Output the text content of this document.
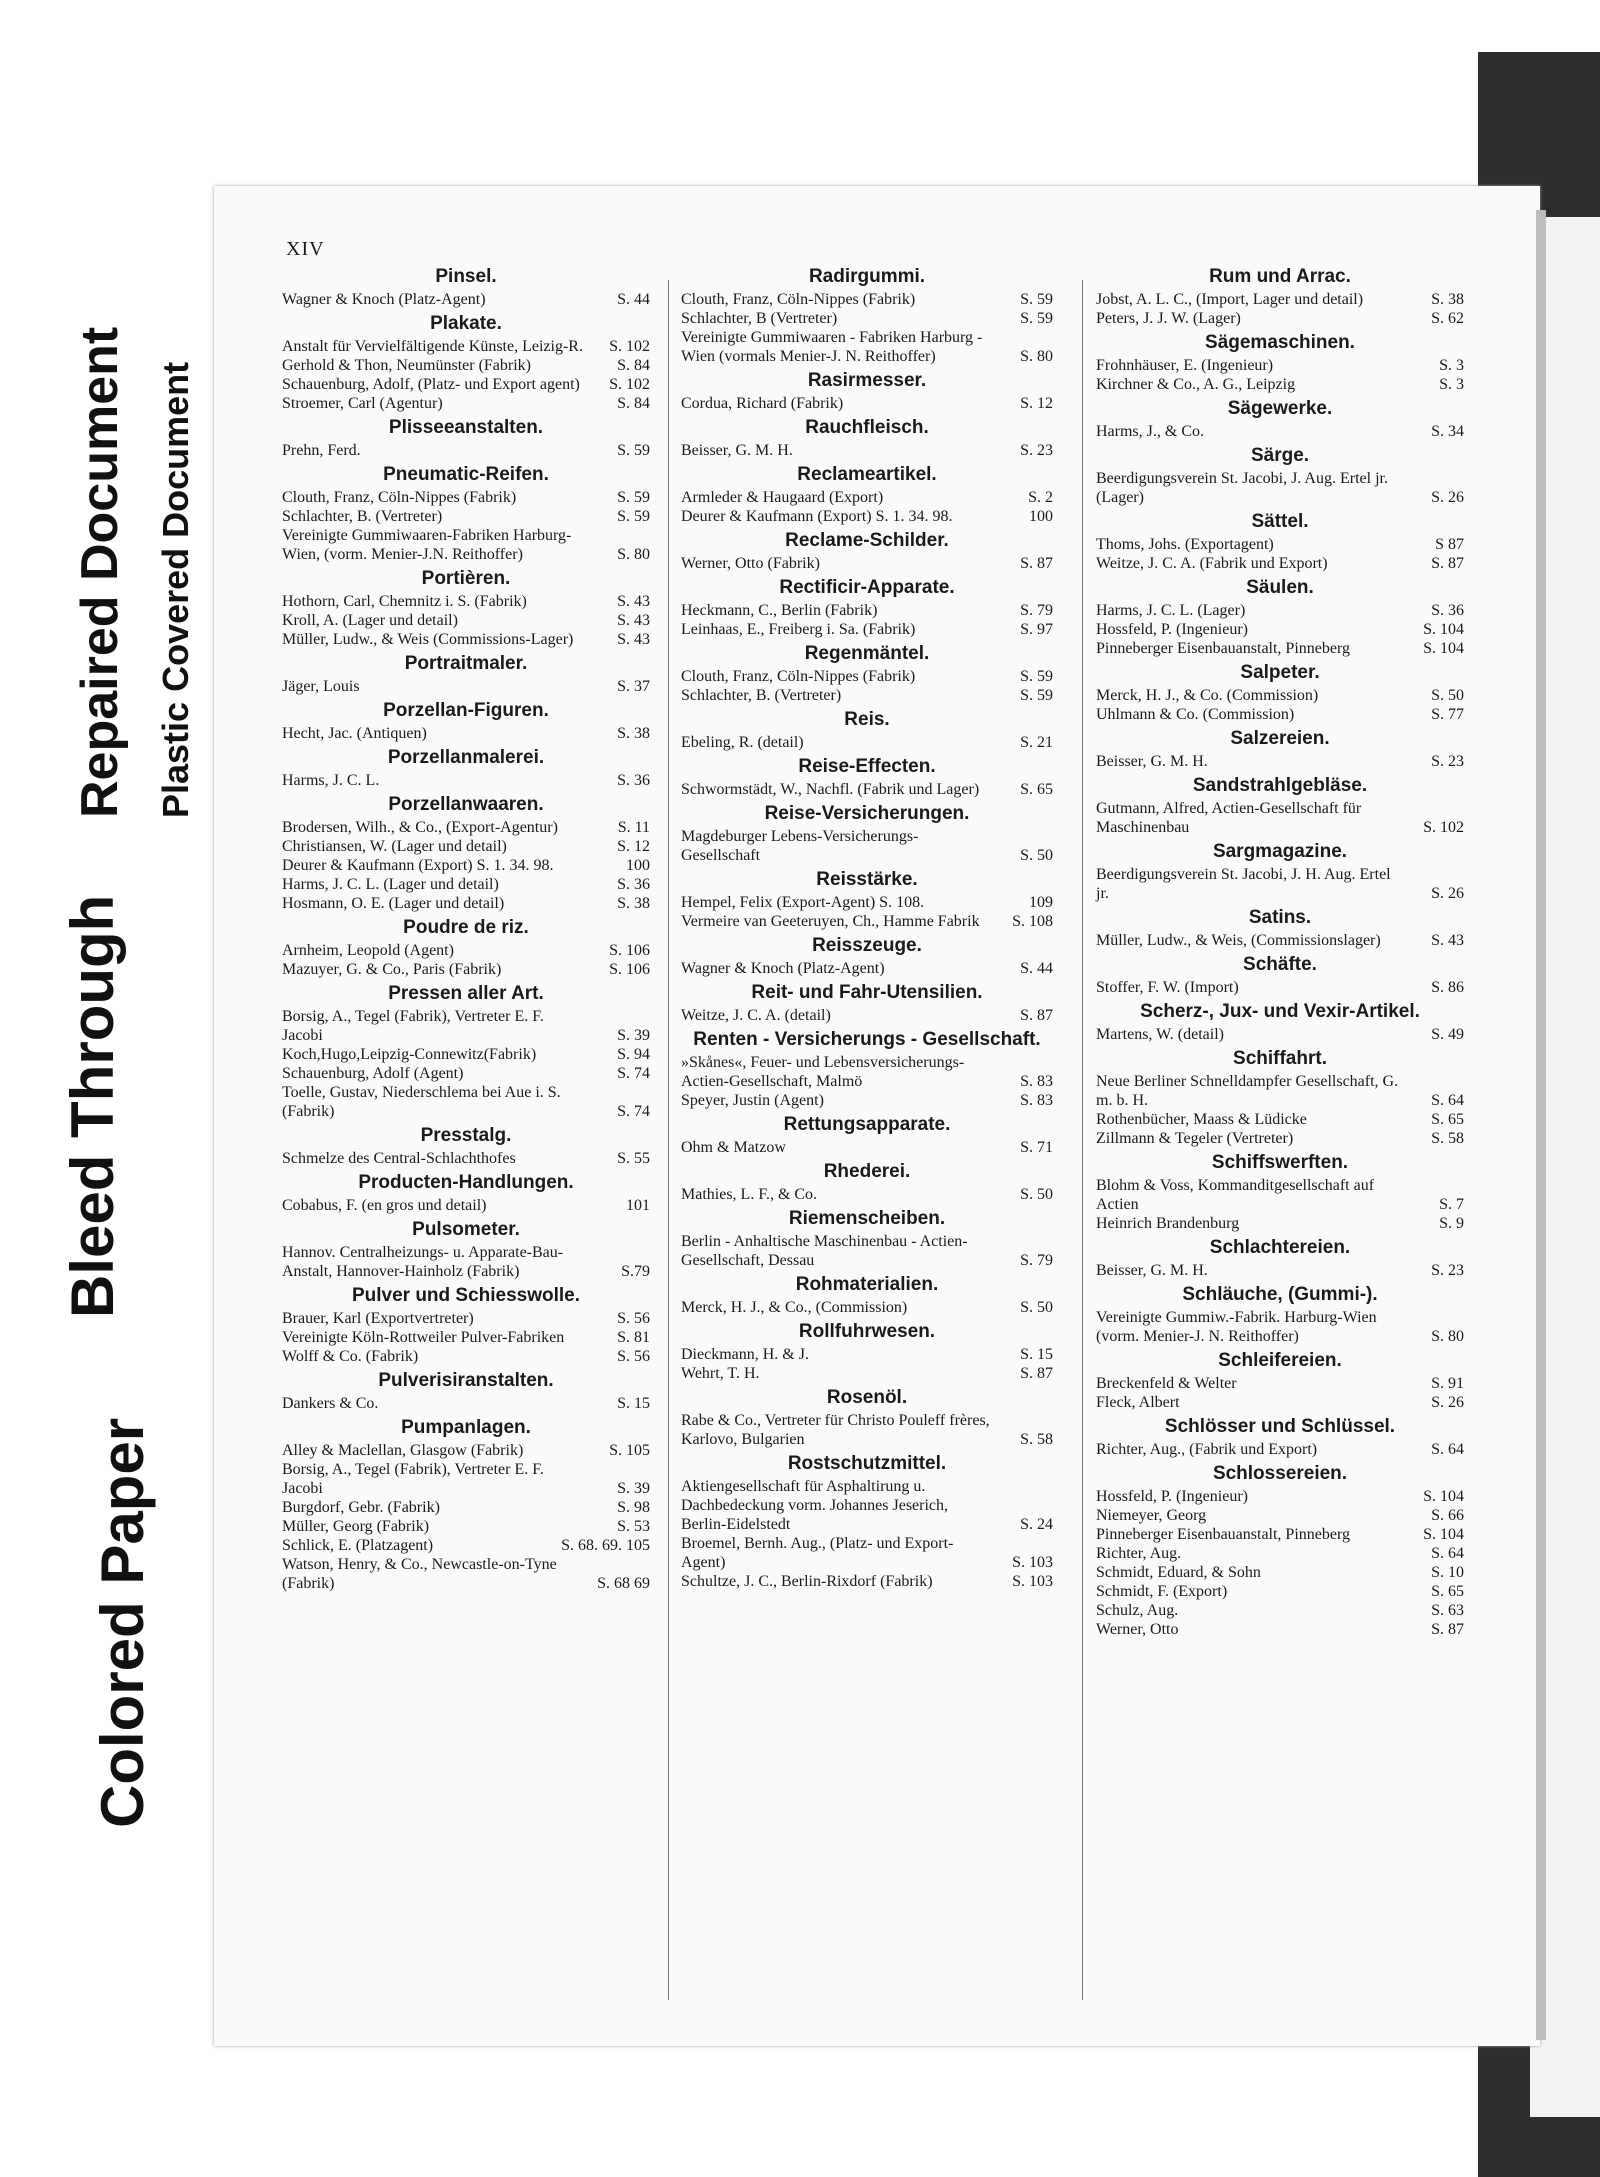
Colored Paper
Bleed Through
Repaired Document Plastic Covered Document
XIV
Pinsel.
Wagner & Knoch (Platz-Agent)	S. 44
Plakate.
Anstalt für Vervielfältigende Künste, Leizig-R.	S. 102
Gerhold & Thon, Neumünster (Fabrik)	S. 84
Schauenburg, Adolf, (Platz- und Export agent)	S. 102
Stroemer, Carl (Agentur)	S. 84
Plisseeanstalten.
Prehn, Ferd.	S. 59
Pneumatic-Reifen.
Clouth, Franz, Cöln-Nippes (Fabrik)	S. 59
Schlachter, B. (Vertreter)	S. 59
Vereinigte Gummiwaaren-Fabriken Harburg-Wien, (vorm. Menier-J.N. Reithoffer)	S. 80
Portièren.
Hothorn, Carl, Chemnitz i. S. (Fabrik)	S. 43
Kroll, A. (Lager und detail)	S. 43
Müller, Ludw., & Weis (Commissions-Lager)	S. 43
Portraitmaler.
Jäger, Louis	S. 37
Porzellan-Figuren.
Hecht, Jac. (Antiquen)	S. 38
Porzellanmalerei.
Harms, J. C. L.	S. 36
Porzellanwaaren.
Brodersen, Wilh., & Co., (Export-Agentur)	S. 11
Christiansen, W. (Lager und detail)	S. 12
Deurer & Kaufmann (Export) S. 1. 34. 98.	100
Harms, J. C. L. (Lager und detail)	S. 36
Hosmann, O. E. (Lager und detail)	S. 38
Poudre de riz.
Arnheim, Leopold (Agent)	S. 106
Mazuyer, G. & Co., Paris (Fabrik)	S. 106
Pressen aller Art.
Borsig, A., Tegel (Fabrik), Vertreter E. F. Jacobi	S. 39
Koch,Hugo,Leipzig-Connewitz(Fabrik)	S. 94
Schauenburg, Adolf (Agent)	S. 74
Toelle, Gustav, Niederschlema bei Aue i. S. (Fabrik)	S. 74
Presstalg.
Schmelze des Central-Schlachthofes	S. 55
Producten-Handlungen.
Cobabus, F. (en gros und detail)	101
Pulsometer.
Hannov. Centralheizungs- u. Apparate-Bau-Anstalt, Hannover-Hainholz (Fabrik)	S.79
Pulver und Schiesswolle.
Brauer, Karl (Exportvertreter)	S. 56
Vereinigte Köln-Rottweiler Pulver-Fabriken	S. 81
Wolff & Co. (Fabrik)	S. 56
Pulverisiranstalten.
Dankers & Co.	S. 15
Pumpanlagen.
Alley & Maclellan, Glasgow (Fabrik)	S. 105
Borsig, A., Tegel (Fabrik), Vertreter E. F. Jacobi	S. 39
Burgdorf, Gebr. (Fabrik)	S. 98
Müller, Georg (Fabrik)	S. 53
Schlick, E. (Platzagent)	S. 68. 69. 105
Watson, Henry, & Co., Newcastle-on-Tyne (Fabrik)	S. 68 69
Radirgummi.
Clouth, Franz, Cöln-Nippes (Fabrik)	S. 59
Schlachter, B (Vertreter)	S. 59
Vereinigte Gummiwaaren - Fabriken Harburg - Wien (vormals Menier-J. N. Reithoffer)	S. 80
Rasirmesser.
Cordua, Richard (Fabrik)	S. 12
Rauchfleisch.
Beisser, G. M. H.	S. 23
Reclameartikel.
Armleder & Haugaard (Export)	S. 2
Deurer & Kaufmann (Export) S. 1. 34. 98.	100
Reclame-Schilder.
Werner, Otto (Fabrik)	S. 87
Rectificir-Apparate.
Heckmann, C., Berlin (Fabrik)	S. 79
Leinhaas, E., Freiberg i. Sa. (Fabrik)	S. 97
Regenmäntel.
Clouth, Franz, Cöln-Nippes (Fabrik)	S. 59
Schlachter, B. (Vertreter)	S. 59
Reis.
Ebeling, R. (detail)	S. 21
Reise-Effecten.
Schwormstädt, W., Nachfl. (Fabrik und Lager)	S. 65
Reise-Versicherungen.
Magdeburger Lebens-Versicherungs-Gesellschaft	S. 50
Reisstärke.
Hempel, Felix (Export-Agent) S. 108.	109
Vermeire van Geeteruyen, Ch., Hamme Fabrik	S. 108
Reisszeuge.
Wagner & Knoch (Platz-Agent)	S. 44
Reit- und Fahr-Utensilien.
Weitze, J. C. A. (detail)	S. 87
Renten - Versicherungs - Gesellschaft.
»Skånes«, Feuer- und Lebensversicherungs-Actien-Gesellschaft, Malmö	S. 83
Speyer, Justin (Agent)	S. 83
Rettungsapparate.
Ohm & Matzow	S. 71
Rhederei.
Mathies, L. F., & Co.	S. 50
Riemenscheiben.
Berlin - Anhaltische Maschinenbau - Actien-Gesellschaft, Dessau	S. 79
Rohmaterialien.
Merck, H. J., & Co., (Commission)	S. 50
Rollfuhrwesen.
Dieckmann, H. & J.	S. 15
Wehrt, T. H.	S. 87
Rosenöl.
Rabe & Co., Vertreter für Christo Pouleff frères, Karlovo, Bulgarien	S. 58
Rostschutzmittel.
Aktiengesellschaft für Asphaltirung u. Dachbedeckung vorm. Johannes Jeserich, Berlin-Eidelstedt	S. 24
Broemel, Bernh. Aug., (Platz- und Export-Agent)	S. 103
Schultze, J. C., Berlin-Rixdorf (Fabrik)	S. 103
Rum und Arrac.
Jobst, A. L. C., (Import, Lager und detail)	S. 38
Peters, J. J. W. (Lager)	S. 62
Sägemaschinen.
Frohnhäuser, E. (Ingenieur)	S. 3
Kirchner & Co., A. G., Leipzig	S. 3
Sägewerke.
Harms, J., & Co.	S. 34
Särge.
Beerdigungsverein St. Jacobi, J. Aug. Ertel jr. (Lager)	S. 26
Sättel.
Thoms, Johs. (Exportagent)	S 87
Weitze, J. C. A. (Fabrik und Export)	S. 87
Säulen.
Harms, J. C. L. (Lager)	S. 36
Hossfeld, P. (Ingenieur)	S. 104
Pinneberger Eisenbauanstalt, Pinneberg	S. 104
Salpeter.
Merck, H. J., & Co. (Commission)	S. 50
Uhlmann & Co. (Commission)	S. 77
Salzereien.
Beisser, G. M. H.	S. 23
Sandstrahlgebläse.
Gutmann, Alfred, Actien-Gesellschaft für Maschinenbau	S. 102
Sargmagazine.
Beerdigungsverein St. Jacobi, J. H. Aug. Ertel jr.	S. 26
Satins.
Müller, Ludw., & Weis, (Commissionslager)	S. 43
Schäfte.
Stoffer, F. W. (Import)	S. 86
Scherz-, Jux- und Vexir-Artikel.
Martens, W. (detail)	S. 49
Schiffahrt.
Neue Berliner Schnelldampfer Gesellschaft, G. m. b. H.	S. 64
Rothenbücher, Maass & Lüdicke	S. 65
Zillmann & Tegeler (Vertreter)	S. 58
Schiffswerften.
Blohm & Voss, Kommanditgesellschaft auf Actien	S. 7
Heinrich Brandenburg	S. 9
Schlachtereien.
Beisser, G. M. H.	S. 23
Schläuche, (Gummi-).
Vereinigte Gummiw.-Fabrik. Harburg-Wien (vorm. Menier-J. N. Reithoffer)	S. 80
Schleifereien.
Breckenfeld & Welter	S. 91
Fleck, Albert	S. 26
Schlösser und Schlüssel.
Richter, Aug., (Fabrik und Export)	S. 64
Schlossereien.
Hossfeld, P. (Ingenieur)	S. 104
Niemeyer, Georg	S. 66
Pinneberger Eisenbauanstalt, Pinneberg	S. 104
Richter, Aug.	S. 64
Schmidt, Eduard, & Sohn	S. 10
Schmidt, F. (Export)	S. 65
Schulz, Aug.	S. 63
Werner, Otto	S. 87
